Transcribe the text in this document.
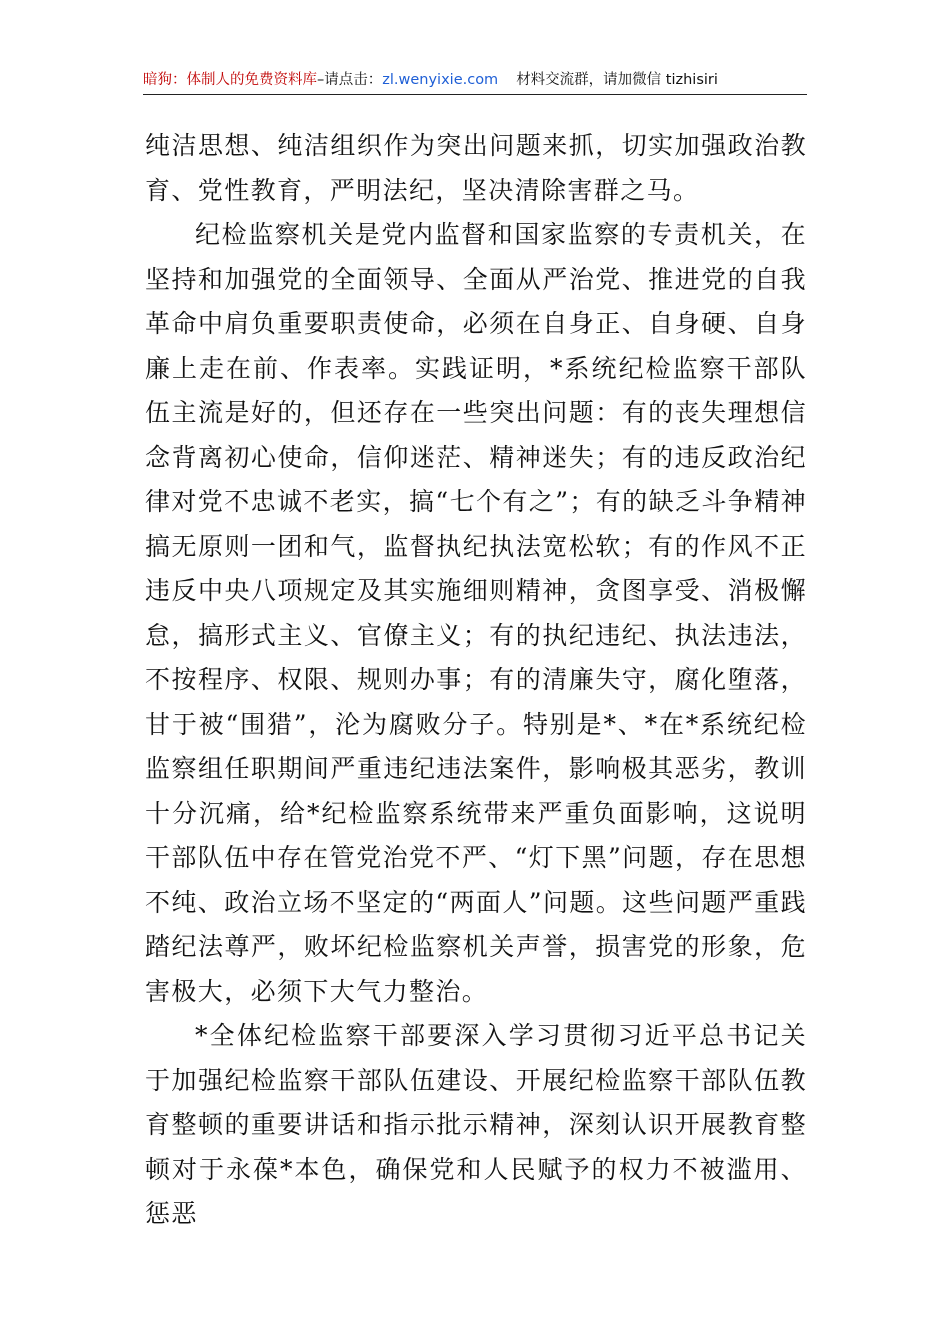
暗狗：体制人的免费资料库–请点击：zl.wenyixie.com 材料交流群，请加微信 tizhisiri

纯洁思想、纯洁组织作为突出问题来抓，切实加强政治教育、党性教育，严明法纪，坚决清除害群之马。

纪检监察机关是党内监督和国家监察的专责机关，在坚持和加强党的全面领导、全面从严治党、推进党的自我革命中肩负重要职责使命，必须在自身正、自身硬、自身廉上走在前、作表率。实践证明，*系统纪检监察干部队伍主流是好的，但还存在一些突出问题：有的丧失理想信念背离初心使命，信仰迷茫、精神迷失；有的违反政治纪律对党不忠诚不老实，搞“七个有之”；有的缺乏斗争精神搞无原则一团和气，监督执纪执法宽松软；有的作风不正违反中央八项规定及其实施细则精神，贪图享受、消极懈怠，搞形式主义、官僚主义；有的执纪违纪、执法违法，不按程序、权限、规则办事；有的清廉失守，腐化堕落，甘于被“围猎”，沦为腐败分子。特别是*、*在*系统纪检监察组任职期间严重违纪违法案件，影响极其恶劣，教训十分沉痛，给*纪检监察系统带来严重负面影响，这说明干部队伍中存在管党治党不严、“灯下黑”问题，存在思想不纯、政治立场不坚定的“两面人”问题。这些问题严重践踏纪法尊严，败坏纪检监察机关声誉，损害党的形象，危害极大，必须下大气力整治。

*全体纪检监察干部要深入学习贯彻习近平总书记关于加强纪检监察干部队伍建设、开展纪检监察干部队伍教育整顿的重要讲话和指示批示精神，深刻认识开展教育整顿对于永葆*本色，确保党和人民赋予的权力不被滥用、惩恶
